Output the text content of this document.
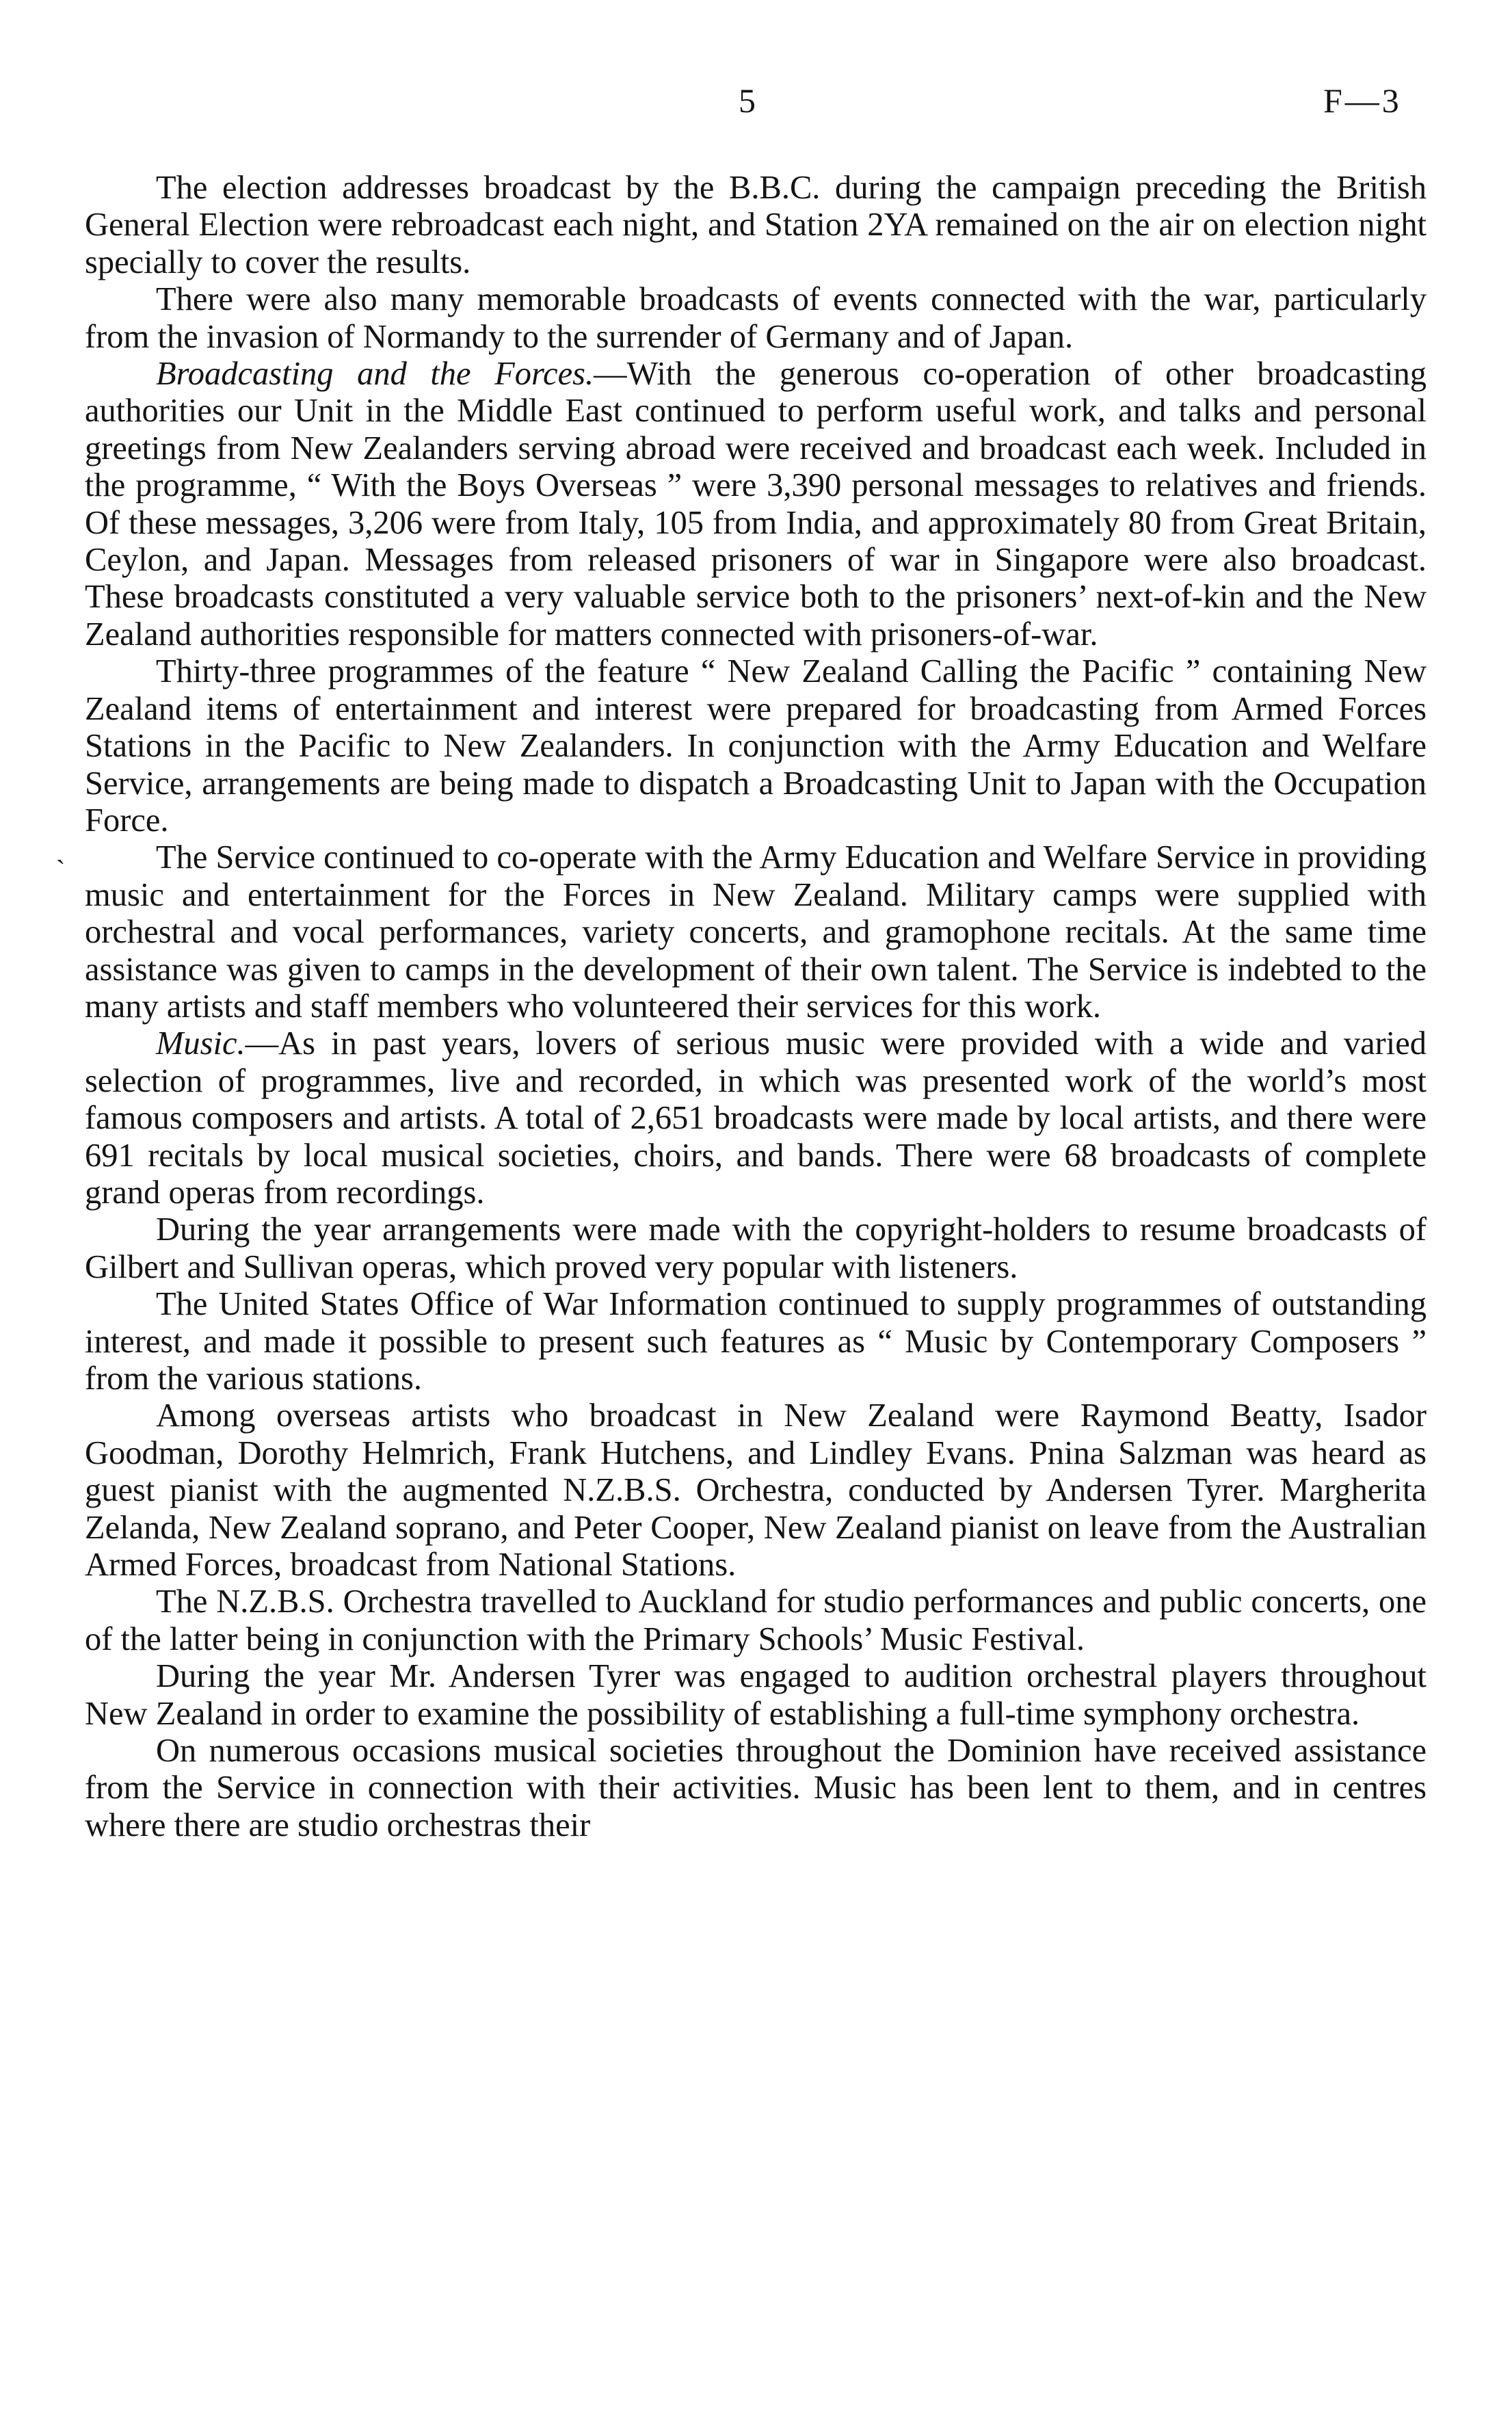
5	F—3
`

The election addresses broadcast by the B.B.C. during the campaign preceding the British General Election were rebroadcast each night, and Station 2YA remained on the air on election night specially to cover the results.

There were also many memorable broadcasts of events connected with the war, particularly from the invasion of Normandy to the surrender of Germany and of Japan.

Broadcasting and the Forces.—With the generous co-operation of other broadcasting authorities our Unit in the Middle East continued to perform useful work, and talks and personal greetings from New Zealanders serving abroad were received and broadcast each week. Included in the programme, “ With the Boys Overseas ” were 3,390 personal messages to relatives and friends. Of these messages, 3,206 were from Italy, 105 from India, and approximately 80 from Great Britain, Ceylon, and Japan. Messages from released prisoners of war in Singapore were also broadcast. These broadcasts constituted a very valuable service both to the prisoners’ next-of-kin and the New Zealand authorities responsible for matters connected with prisoners-of-war.

Thirty-three programmes of the feature “ New Zealand Calling the Pacific ” containing New Zealand items of entertainment and interest were prepared for broadcasting from Armed Forces Stations in the Pacific to New Zealanders. In conjunction with the Army Education and Welfare Service, arrangements are being made to dispatch a Broadcasting Unit to Japan with the Occupation Force.

The Service continued to co-operate with the Army Education and Welfare Service in providing music and entertainment for the Forces in New Zealand. Military camps were supplied with orchestral and vocal performances, variety concerts, and gramophone recitals. At the same time assistance was given to camps in the development of their own talent. The Service is indebted to the many artists and staff members who volunteered their services for this work.

Music.—As in past years, lovers of serious music were provided with a wide and varied selection of programmes, live and recorded, in which was presented work of the world’s most famous composers and artists. A total of 2,651 broadcasts were made by local artists, and there were 691 recitals by local musical societies, choirs, and bands. There were 68 broadcasts of complete grand operas from recordings.

During the year arrangements were made with the copyright-holders to resume broadcasts of Gilbert and Sullivan operas, which proved very popular with listeners.

The United States Office of War Information continued to supply programmes of outstanding interest, and made it possible to present such features as “ Music by Contemporary Composers ” from the various stations.

Among overseas artists who broadcast in New Zealand were Raymond Beatty, Isador Goodman, Dorothy Helmrich, Frank Hutchens, and Lindley Evans. Pnina Salzman was heard as guest pianist with the augmented N.Z.B.S. Orchestra, conducted by Andersen Tyrer. Margherita Zelanda, New Zealand soprano, and Peter Cooper, New Zealand pianist on leave from the Australian Armed Forces, broadcast from National Stations.

The N.Z.B.S. Orchestra travelled to Auckland for studio performances and public concerts, one of the latter being in conjunction with the Primary Schools’ Music Festival.

During the year Mr. Andersen Tyrer was engaged to audition orchestral players throughout New Zealand in order to examine the possibility of establishing a full-time symphony orchestra.

On numerous occasions musical societies throughout the Dominion have received assistance from the Service in connection with their activities. Music has been lent to them, and in centres where there are studio orchestras their
